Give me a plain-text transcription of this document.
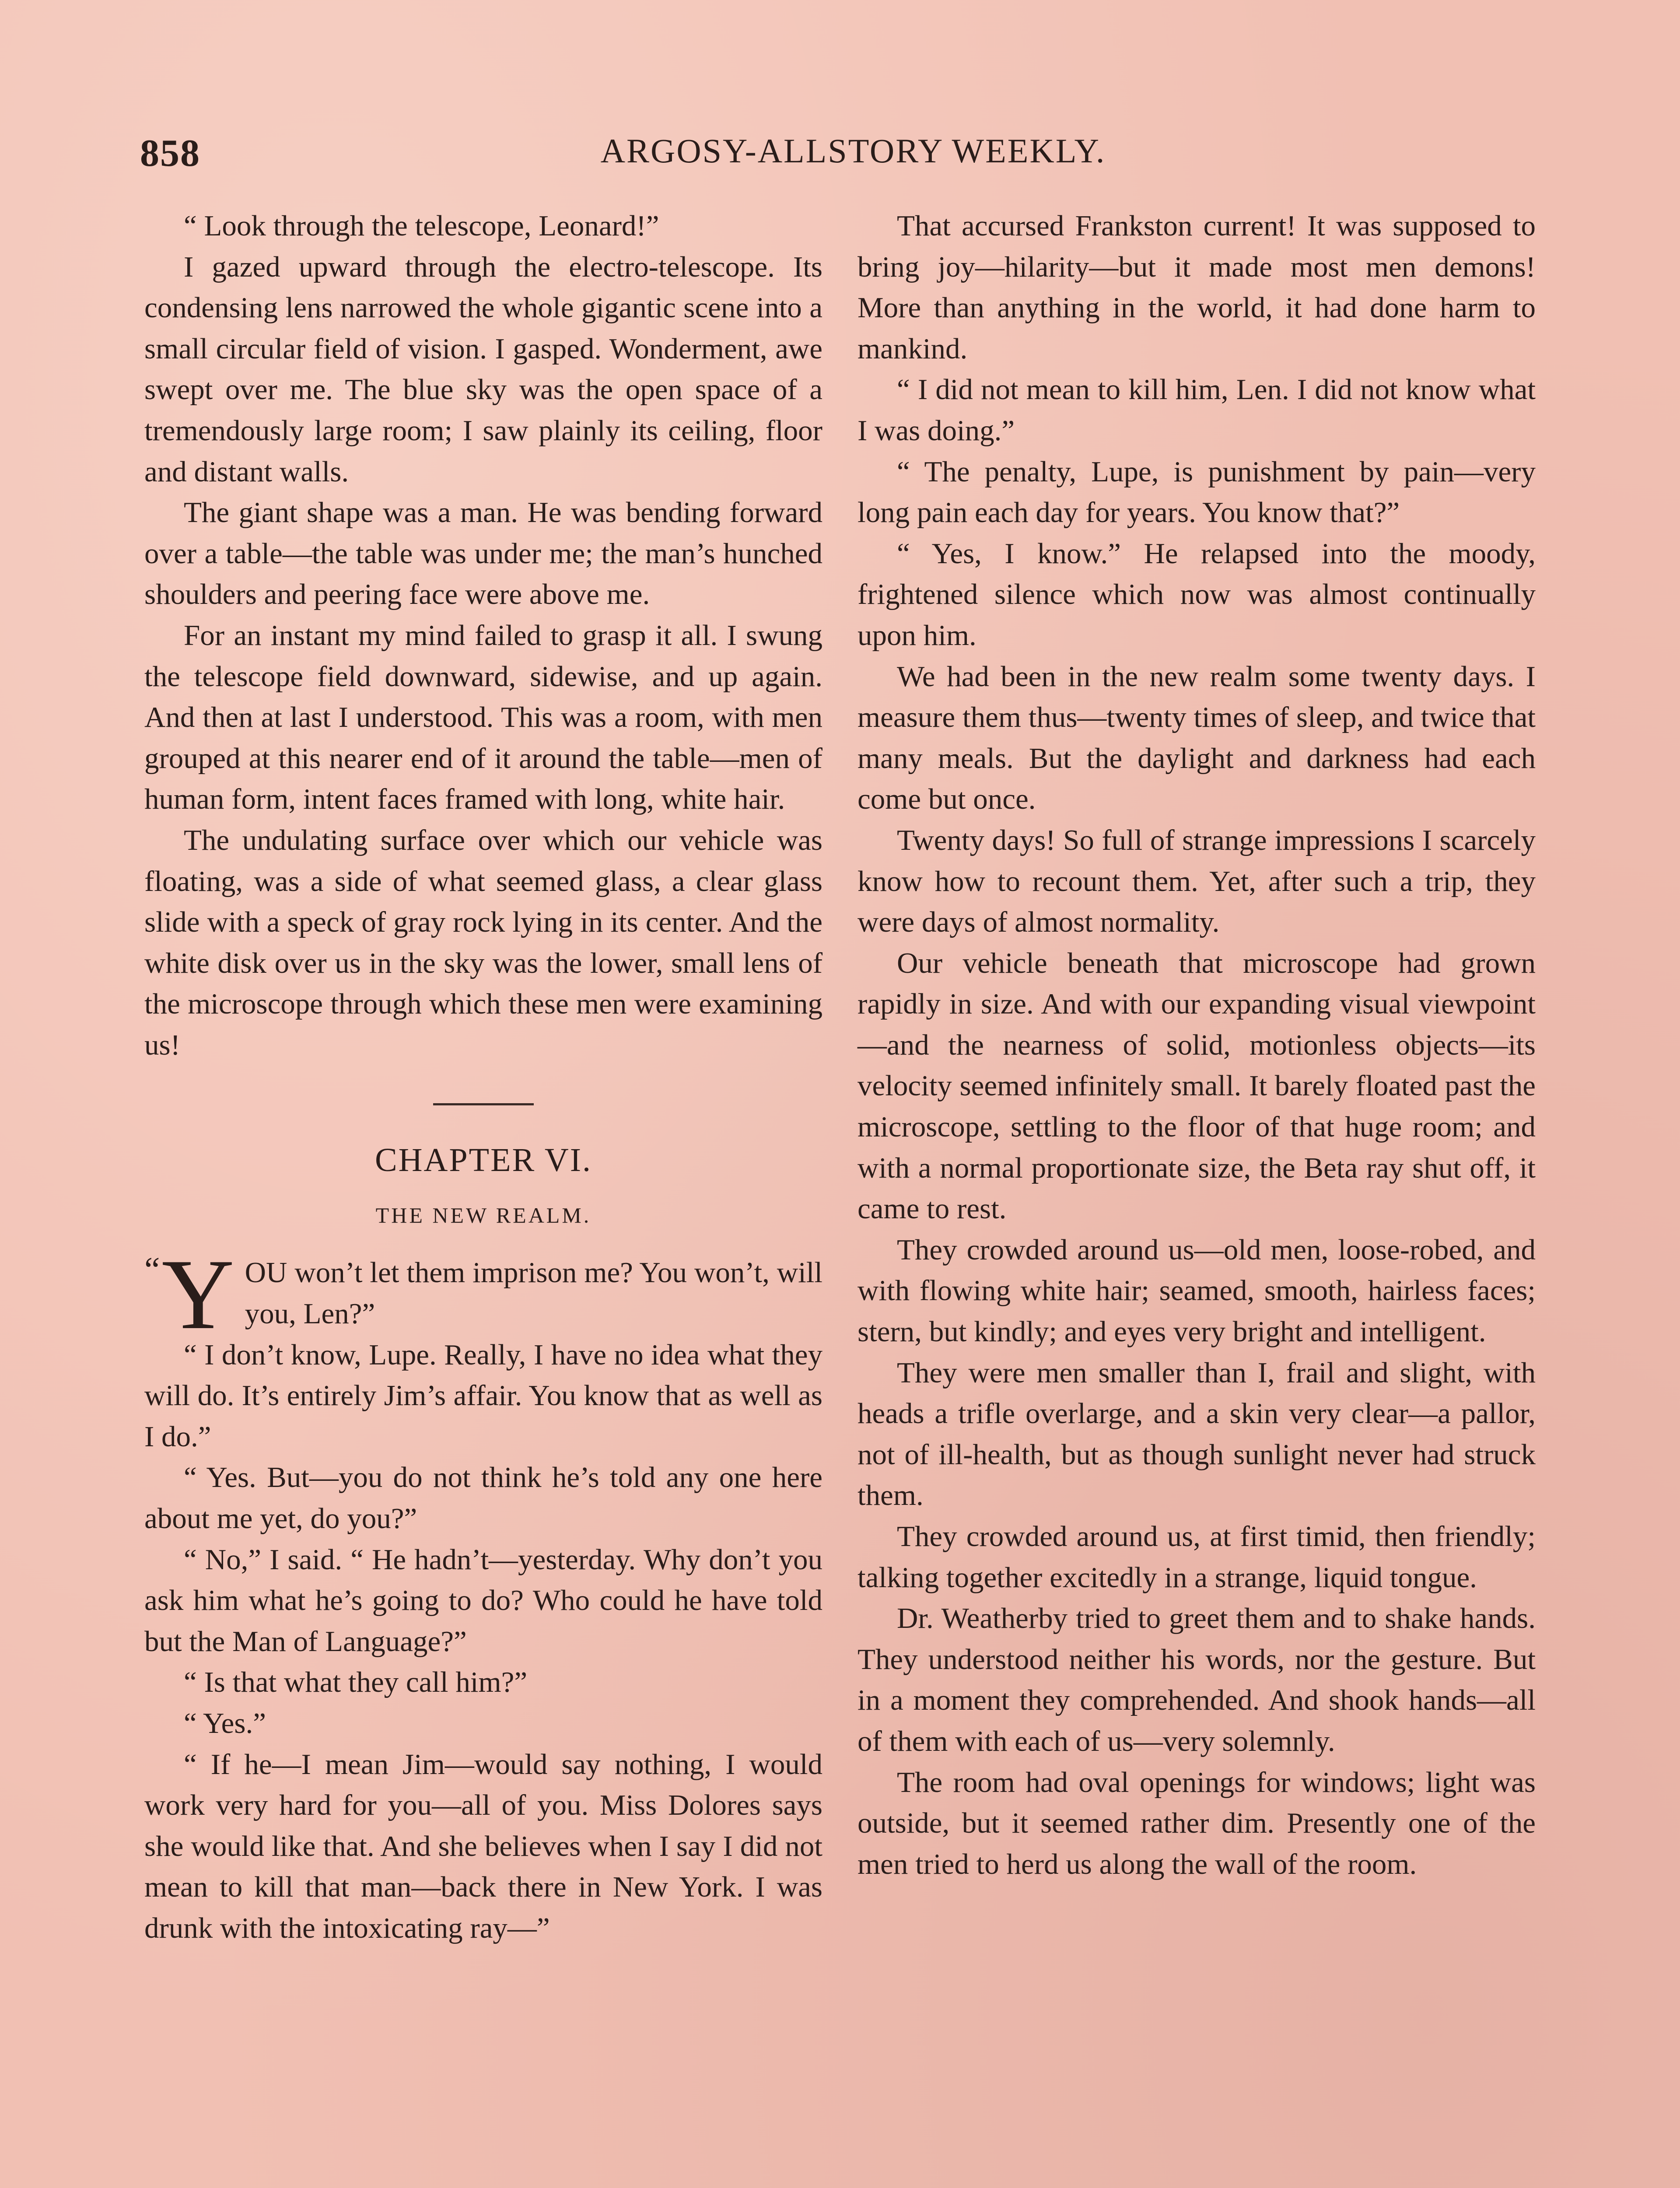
858	ARGOSY-ALLSTORY WEEKLY.

“ Look through the telescope, Leonard!”

I gazed upward through the electro-telescope. Its condensing lens narrowed the whole gigantic scene into a small circular field of vision. I gasped. Wonderment, awe swept over me. The blue sky was the open space of a tremendously large room; I saw plainly its ceiling, floor and distant walls.

The giant shape was a man. He was bending forward over a table—the table was under me; the man’s hunched shoulders and peering face were above me.

For an instant my mind failed to grasp it all. I swung the telescope field downward, sidewise, and up again. And then at last I understood. This was a room, with men grouped at this nearer end of it around the table—men of human form, intent faces framed with long, white hair.

The undulating surface over which our vehicle was floating, was a side of what seemed glass, a clear glass slide with a speck of gray rock lying in its center. And the white disk over us in the sky was the lower, small lens of the microscope through which these men were examining us!

CHAPTER VI.
THE NEW REALM.

“ Y OU won’t let them imprison me? You won’t, will you, Len?”

“ I don’t know, Lupe. Really, I have no idea what they will do. It’s entirely Jim’s affair. You know that as well as I do.”

“ Yes. But—you do not think he’s told any one here about me yet, do you?”

“ No,” I said. “ He hadn’t—yesterday. Why don’t you ask him what he’s going to do? Who could he have told but the Man of Language?”

“ Is that what they call him?”

“ Yes.”

“ If he—I mean Jim—would say nothing, I would work very hard for you—all of you. Miss Dolores says she would like that. And she believes when I say I did not mean to kill that man—back there in New York. I was drunk with the intoxicating ray—”

That accursed Frankston current! It was supposed to bring joy—hilarity—but it made most men demons! More than anything in the world, it had done harm to mankind.

“ I did not mean to kill him, Len. I did not know what I was doing.”

“ The penalty, Lupe, is punishment by pain—very long pain each day for years. You know that?”

“ Yes, I know.” He relapsed into the moody, frightened silence which now was almost continually upon him.

We had been in the new realm some twenty days. I measure them thus—twenty times of sleep, and twice that many meals. But the daylight and darkness had each come but once.

Twenty days! So full of strange impressions I scarcely know how to recount them. Yet, after such a trip, they were days of almost normality.

Our vehicle beneath that microscope had grown rapidly in size. And with our expanding visual viewpoint—and the nearness of solid, motionless objects—its velocity seemed infinitely small. It barely floated past the microscope, settling to the floor of that huge room; and with a normal proportionate size, the Beta ray shut off, it came to rest.

They crowded around us—old men, loose-robed, and with flowing white hair; seamed, smooth, hairless faces; stern, but kindly; and eyes very bright and intelligent.

They were men smaller than I, frail and slight, with heads a trifle overlarge, and a skin very clear—a pallor, not of ill-health, but as though sunlight never had struck them.

They crowded around us, at first timid, then friendly; talking together excitedly in a strange, liquid tongue.

Dr. Weatherby tried to greet them and to shake hands. They understood neither his words, nor the gesture. But in a moment they comprehended. And shook hands—all of them with each of us—very solemnly.

The room had oval openings for windows; light was outside, but it seemed rather dim. Presently one of the men tried to herd us along the wall of the room.
